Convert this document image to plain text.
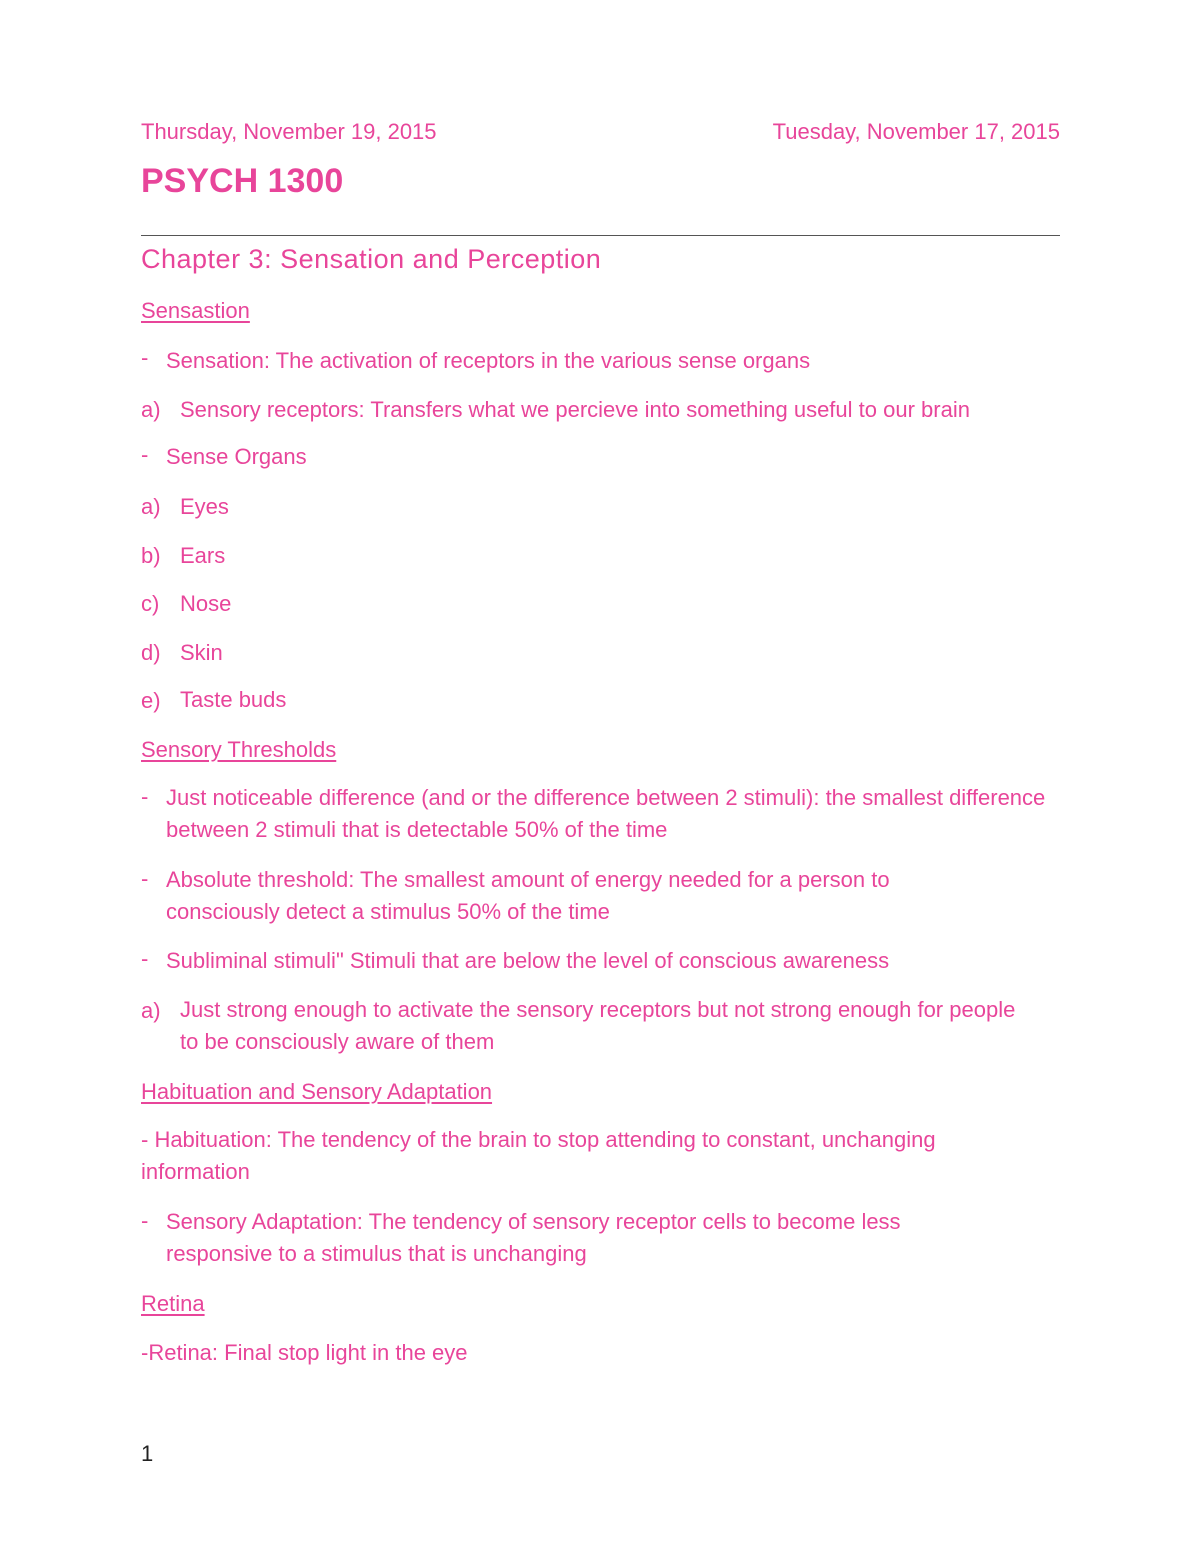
Thursday, November 19, 2015	Tuesday, November 17, 2015
PSYCH 1300
Chapter 3: Sensation and Perception
Sensastion
- Sensation: The activation of receptors in the various sense organs
a) Sensory receptors: Transfers what we percieve into something useful to our brain
- Sense Organs
a) Eyes
b) Ears
c) Nose
d) Skin
e) Taste buds
Sensory Thresholds
- Just noticeable difference (and or the difference between 2 stimuli): the smallest difference between 2 stimuli that is detectable 50% of the time
- Absolute threshold: The smallest amount of energy needed for a person to consciously detect a stimulus 50% of the time
- Subliminal stimuli" Stimuli that are below the level of conscious awareness
a) Just strong enough to activate the sensory receptors but not strong enough for people to be consciously aware of them
Habituation and Sensory Adaptation
- Habituation: The tendency of the brain to stop attending to constant, unchanging information
- Sensory Adaptation: The tendency of sensory receptor cells to become less responsive to a stimulus that is unchanging
Retina
-Retina: Final stop light in the eye
1
